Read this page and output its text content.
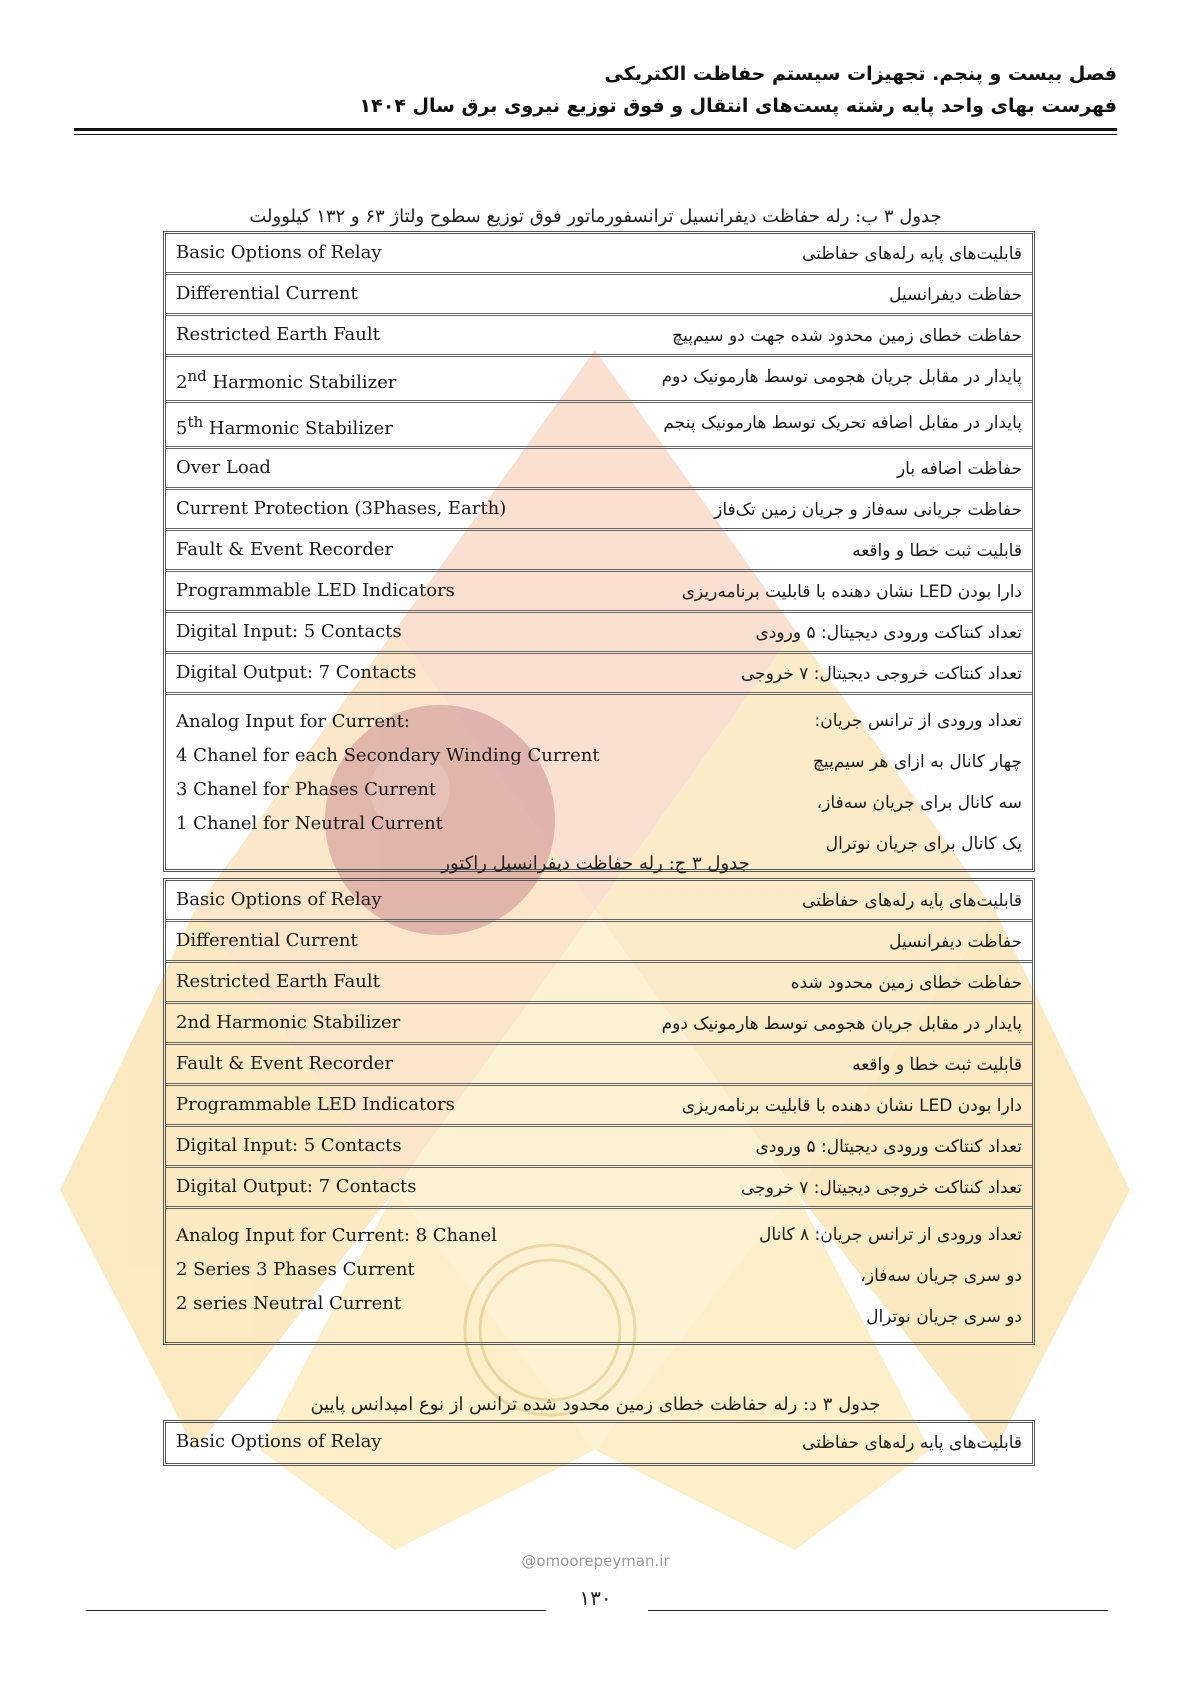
فصل بیست و پنجم. تجهیزات سیستم حفاظت الکتریکی
فهرست بهای واحد پایه رشته پست‌های انتقال و فوق توزیع نیروی برق سال ۱۴۰۴
جدول ۳ ب: رله حفاظت دیفرانسیل ترانسفورماتور فوق توزیع سطوح ولتاژ ۶۳ و ۱۳۲ کیلوولت
Basic Options of Relay	قابلیت‌های پایه رله‌های حفاظتی
Differential Current	حفاظت دیفرانسیل
Restricted Earth Fault	حفاظت خطای زمین محدود شده جهت دو سیم‌پیچ
2nd Harmonic Stabilizer	پایدار در مقابل جریان هجومی توسط هارمونیک دوم
5th Harmonic Stabilizer	پایدار در مقابل اضافه تحریک توسط هارمونیک پنجم
Over Load	حفاظت اضافه بار
Current Protection (3Phases, Earth)	حفاظت جریانی سه‌فاز و جریان زمین تک‌فاز
Fault & Event Recorder	قابلیت ثبت خطا و واقعه
Programmable LED Indicators	دارا بودن LED نشان دهنده با قابلیت برنامه‌ریزی
Digital Input: 5 Contacts	تعداد کنتاکت ورودی دیجیتال: ۵ ورودی
Digital Output: 7 Contacts	تعداد کنتاکت خروجی دیجیتال: ۷ خروجی
Analog Input for Current:
4 Chanel for each Secondary Winding Current
3 Chanel for Phases Current
1 Chanel for Neutral Current
تعداد ورودی از ترانس جریان:
چهار کانال به ازای هر سیم‌پیچ
سه کانال برای جریان سه‌فاز،
یک کانال برای جریان نوترال
جدول ۳ ج: رله حفاظت دیفرانسیل راکتور
Basic Options of Relay	قابلیت‌های پایه رله‌های حفاظتی
Differential Current	حفاظت دیفرانسیل
Restricted Earth Fault	حفاظت خطای زمین محدود شده
2nd Harmonic Stabilizer	پایدار در مقابل جریان هجومی توسط هارمونیک دوم
Fault & Event Recorder	قابلیت ثبت خطا و واقعه
Programmable LED Indicators	دارا بودن LED نشان دهنده با قابلیت برنامه‌ریزی
Digital Input: 5 Contacts	تعداد کنتاکت ورودی دیجیتال: ۵ ورودی
Digital Output: 7 Contacts	تعداد کنتاکت خروجی دیجیتال: ۷ خروجی
Analog Input for Current: 8 Chanel
2 Series 3 Phases Current
2 series Neutral Current
تعداد ورودی از ترانس جریان: ۸ کانال
دو سری جریان سه‌فاز،
دو سری جریان نوترال
جدول ۳ د: رله حفاظت خطای زمین محدود شده ترانس از نوع امپدانس پایین
Basic Options of Relay	قابلیت‌های پایه رله‌های حفاظتی
@omoorepeyman.ir
۱۳۰
